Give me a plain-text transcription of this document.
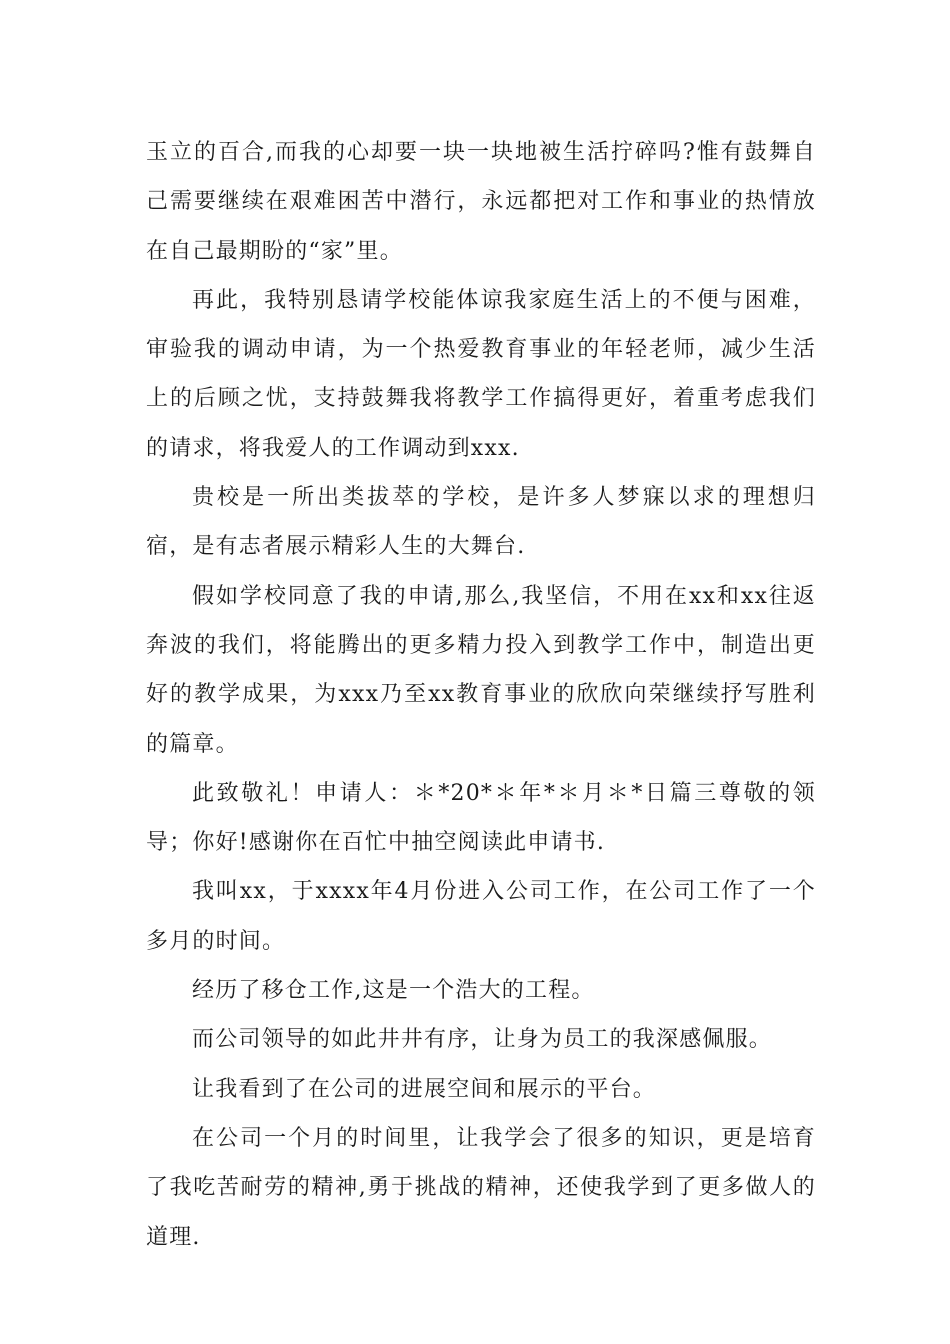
玉立的百合,而我的心却要一块一块地被生活拧碎吗?惟有鼓舞自己需要继续在艰难困苦中潜行，永远都把对工作和事业的热情放在自己最期盼的“家”里。

再此，我特别恳请学校能体谅我家庭生活上的不便与困难，审验我的调动申请，为一个热爱教育事业的年轻老师，减少生活上的后顾之忧，支持鼓舞我将教学工作搞得更好，着重考虑我们的请求，将我爱人的工作调动到xxx.

贵校是一所出类拔萃的学校，是许多人梦寐以求的理想归宿，是有志者展示精彩人生的大舞台.

假如学校同意了我的申请,那么,我坚信，不用在xx和xx往返奔波的我们，将能腾出的更多精力投入到教学工作中，制造出更好的教学成果，为xxx乃至xx教育事业的欣欣向荣继续抒写胜利的篇章。

此致敬礼！申请人：＊*20*＊年*＊月＊*日篇三尊敬的领导；你好!感谢你在百忙中抽空阅读此申请书.

我叫xx，于xxxx年4月份进入公司工作，在公司工作了一个多月的时间。

经历了移仓工作,这是一个浩大的工程。

而公司领导的如此井井有序，让身为员工的我深感佩服。

让我看到了在公司的进展空间和展示的平台。

在公司一个月的时间里，让我学会了很多的知识，更是培育了我吃苦耐劳的精神,勇于挑战的精神，还使我学到了更多做人的道理.
